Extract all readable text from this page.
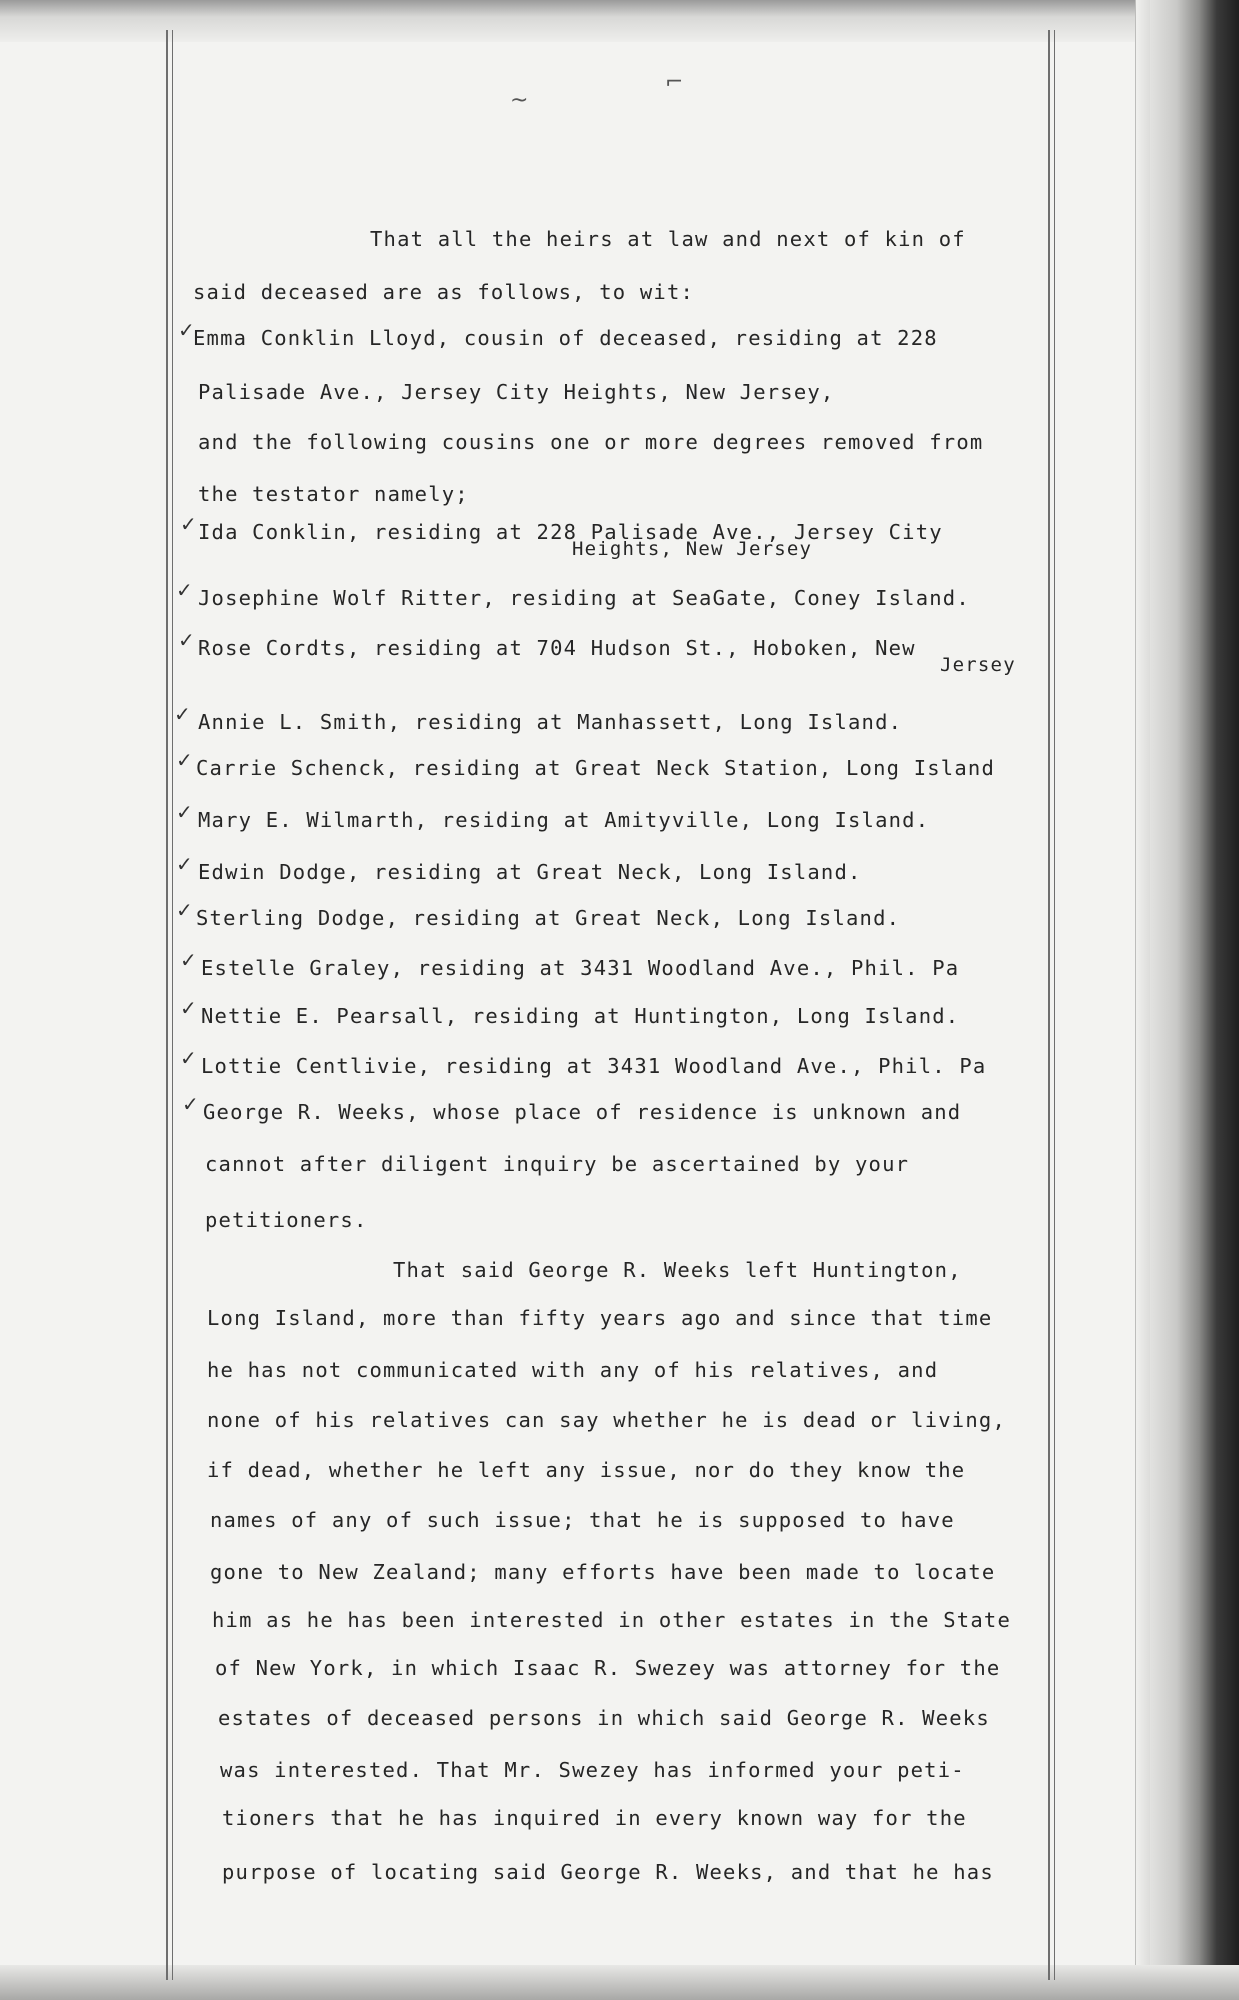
~
⌐
That all the heirs at law and next of kin of
said deceased are as follows, to wit:
Emma Conklin Lloyd, cousin of deceased, residing at 228
Palisade Ave., Jersey City Heights, New Jersey,
and the following cousins one or more degrees removed from
the testator namely;
Ida Conklin, residing at 228 Palisade Ave., Jersey City
Heights, New Jersey
Josephine Wolf Ritter, residing at SeaGate, Coney Island.
Rose Cordts, residing at 704 Hudson St., Hoboken, New
Jersey
Annie L. Smith, residing at Manhassett, Long Island.
Carrie Schenck, residing at Great Neck Station, Long Island
Mary E. Wilmarth, residing at Amityville, Long Island.
Edwin Dodge, residing at Great Neck, Long Island.
Sterling Dodge, residing at Great Neck, Long Island.
Estelle Graley, residing at 3431 Woodland Ave., Phil. Pa
Nettie E. Pearsall, residing at Huntington, Long Island.
Lottie Centlivie, residing at 3431 Woodland Ave., Phil. Pa
George R. Weeks, whose place of residence is unknown and
cannot after diligent inquiry be ascertained by your
petitioners.
That said George R. Weeks left Huntington,
Long Island, more than fifty years ago and since that time
he has not communicated with any of his relatives, and
none of his relatives can say whether he is dead or living,
if dead, whether he left any issue, nor do they know the
names of any of such issue; that he is supposed to have
gone to New Zealand; many efforts have been made to locate
him as he has been interested in other estates in the State
of New York, in which Isaac R. Swezey was attorney for the
estates of deceased persons in which said George R. Weeks
was interested. That Mr. Swezey has informed your peti-
tioners that he has inquired in every known way for the
purpose of locating said George R. Weeks, and that he has
✓
✓
✓
✓
✓
✓
✓
✓
✓
✓
✓
✓
✓
